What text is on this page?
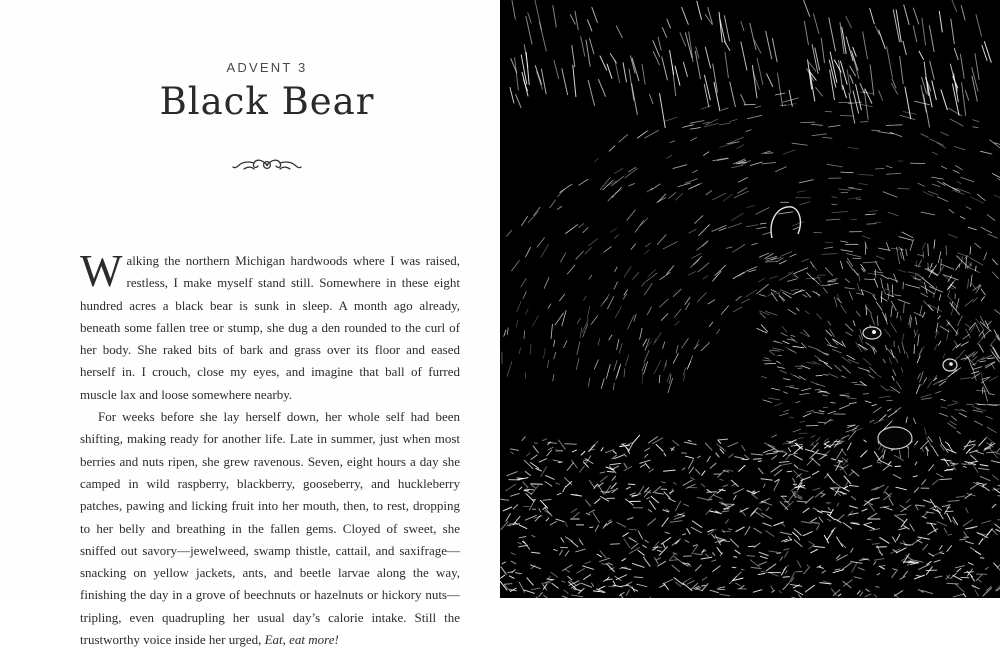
ADVENT 3
Black Bear

Walking the northern Michigan hardwoods where I was raised, restless, I make myself stand still. Somewhere in these eight hundred acres a black bear is sunk in sleep. A month ago already, beneath some fallen tree or stump, she dug a den rounded to the curl of her body. She raked bits of bark and grass over its floor and eased herself in. I crouch, close my eyes, and imagine that ball of furred muscle lax and loose somewhere nearby.

For weeks before she lay herself down, her whole self had been shifting, making ready for another life. Late in summer, just when most berries and nuts ripen, she grew ravenous. Seven, eight hours a day she camped in wild raspberry, blackberry, gooseberry, and huckleberry patches, pawing and licking fruit into her mouth, then, to rest, dropping to her belly and breathing in the fallen gems. Cloyed of sweet, she sniffed out savory—jewelweed, swamp thistle, cattail, and saxifrage—snacking on yellow jackets, ants, and beetle larvae along the way, finishing the day in a grove of beechnuts or hazelnuts or hickory nuts—tripling, even quadrupling her usual day’s calorie intake. Still the trustworthy voice inside her urged, Eat, eat more!
